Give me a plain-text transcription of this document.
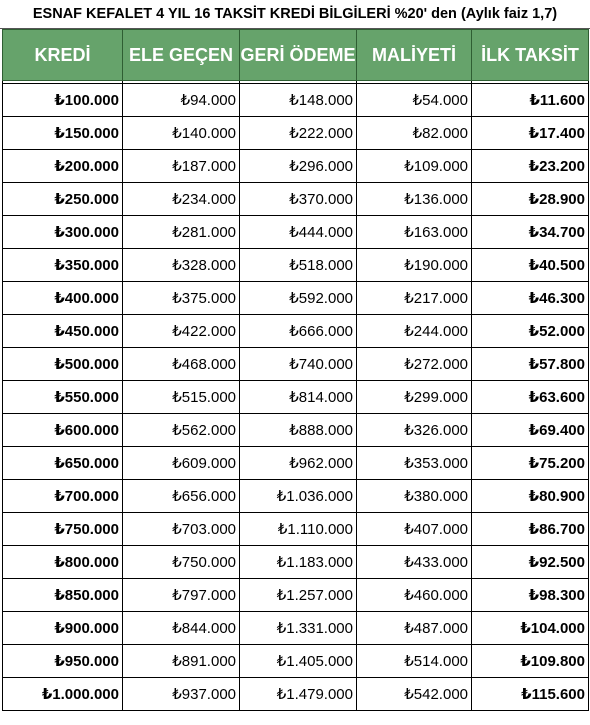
ESNAF KEFALET 4 YIL 16 TAKSİT KREDİ BİLGİLERİ %20' den (Aylık faiz 1,7)
KREDİ	ELE GEÇEN	GERİ ÖDEME	MALİYETİ	İLK TAKSİT

₺100.000	₺94.000	₺148.000	₺54.000	₺11.600
₺150.000	₺140.000	₺222.000	₺82.000	₺17.400
₺200.000	₺187.000	₺296.000	₺109.000	₺23.200
₺250.000	₺234.000	₺370.000	₺136.000	₺28.900
₺300.000	₺281.000	₺444.000	₺163.000	₺34.700
₺350.000	₺328.000	₺518.000	₺190.000	₺40.500
₺400.000	₺375.000	₺592.000	₺217.000	₺46.300
₺450.000	₺422.000	₺666.000	₺244.000	₺52.000
₺500.000	₺468.000	₺740.000	₺272.000	₺57.800
₺550.000	₺515.000	₺814.000	₺299.000	₺63.600
₺600.000	₺562.000	₺888.000	₺326.000	₺69.400
₺650.000	₺609.000	₺962.000	₺353.000	₺75.200
₺700.000	₺656.000	₺1.036.000	₺380.000	₺80.900
₺750.000	₺703.000	₺1.110.000	₺407.000	₺86.700
₺800.000	₺750.000	₺1.183.000	₺433.000	₺92.500
₺850.000	₺797.000	₺1.257.000	₺460.000	₺98.300
₺900.000	₺844.000	₺1.331.000	₺487.000	₺104.000
₺950.000	₺891.000	₺1.405.000	₺514.000	₺109.800
₺1.000.000	₺937.000	₺1.479.000	₺542.000	₺115.600
